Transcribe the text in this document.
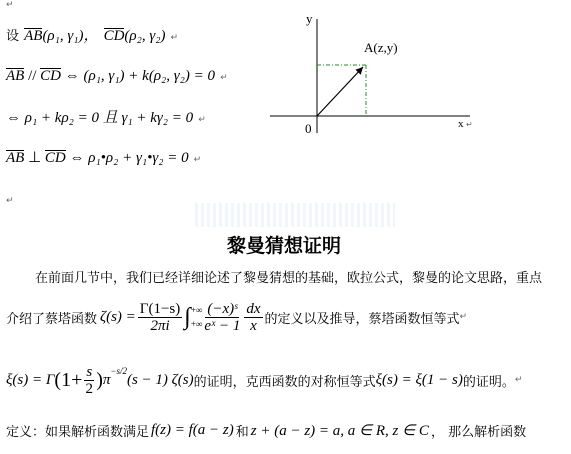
↵
设 AB(ρ₁, γ₁)， CD(ρ₂, γ₂) ↵
AB // CD ⇔ (ρ₁, γ₁) + k(ρ₂, γ₂) = 0 ↵
⇔ ρ₁ + kρ₂ = 0 且 γ₁ + kγ₂ = 0 ↵
AB ⊥ CD ⇔ ρ₁•ρ₂ + γ₁•γ₂ = 0 ↵
↵
y
0
A(z,y)
x ↵
黎曼猜想证明
在前面几节中，我们已经详细论述了黎曼猜想的基础，欧拉公式，黎曼的论文思路，重点
介绍了蔡塔函数 $\zeta(s) = \frac{\Gamma(1-s)}{2\pi i}$ ∫ +∞
+∞ $\frac{\text{(−x)ˢ}}{\text{eˣ − 1}} \frac{dx}{x}$ 的定义以及推导，蔡塔函数恒等式 ↵
ξ(s) = Γ ($1+ \frac{s}{2}$ ) π
$^{-s/2}$
(s − 1) ζ(s) 的证明，克西函数的对称恒等式 ξ(s) = ξ(1 − s) 的证明。 ↵
定义：如果解析函数满足 f(z) = f(a − z) 和 z + (a − z) = a, a ∈ R, z ∈ C ， 那么解析函数
